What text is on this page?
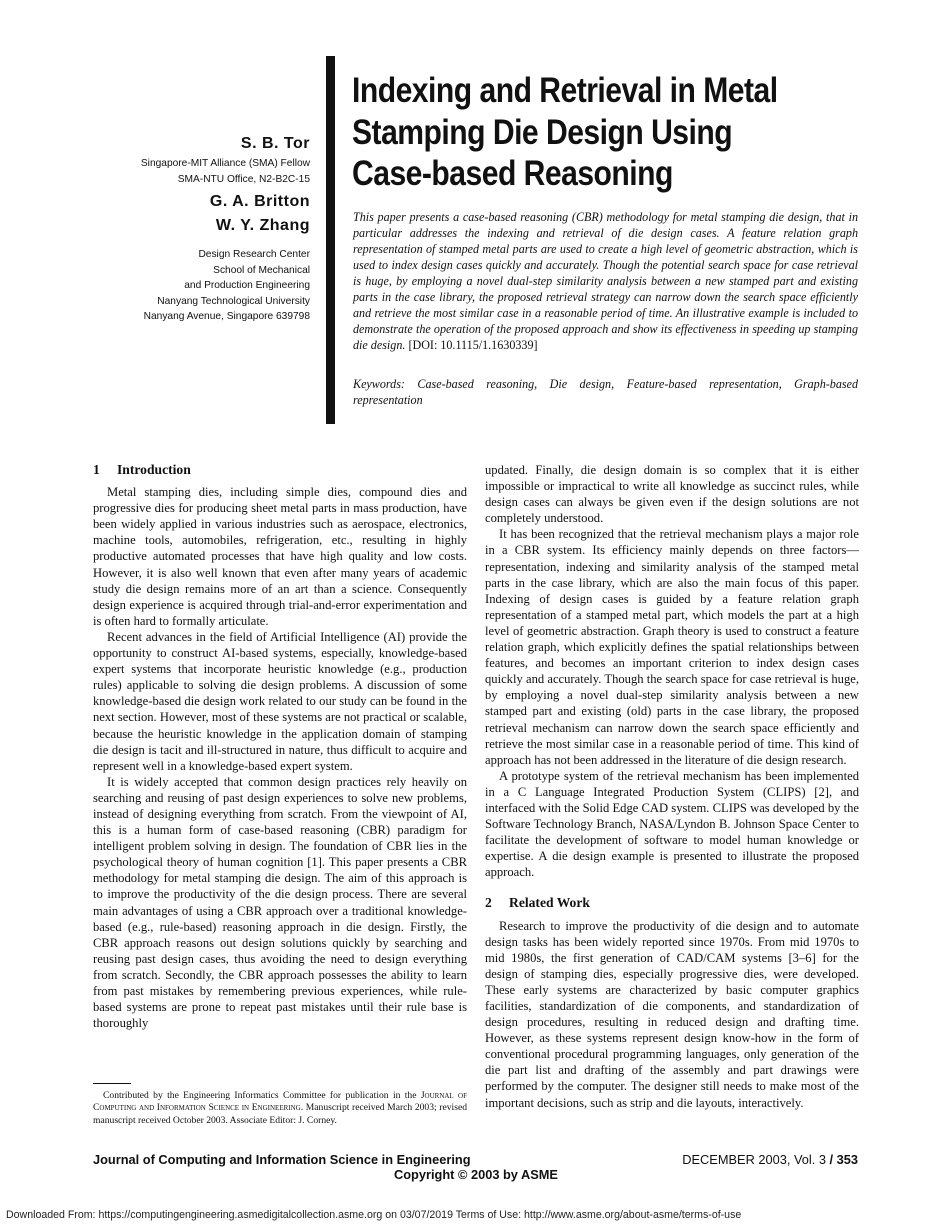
S. B. Tor
Singapore-MIT Alliance (SMA) Fellow
SMA-NTU Office, N2-B2C-15
G. A. Britton
W. Y. Zhang
Design Research Center
School of Mechanical
and Production Engineering
Nanyang Technological University
Nanyang Avenue, Singapore 639798
Indexing and Retrieval in Metal Stamping Die Design Using Case-based Reasoning
This paper presents a case-based reasoning (CBR) methodology for metal stamping die design, that in particular addresses the indexing and retrieval of die design cases. A feature relation graph representation of stamped metal parts are used to create a high level of geometric abstraction, which is used to index design cases quickly and accurately. Though the potential search space for case retrieval is huge, by employing a novel dual-step similarity analysis between a new stamped part and existing parts in the case library, the proposed retrieval strategy can narrow down the search space efficiently and retrieve the most similar case in a reasonable period of time. An illustrative example is included to demonstrate the operation of the proposed approach and show its effectiveness in speeding up stamping die design. [DOI: 10.1115/1.1630339]
Keywords: Case-based reasoning, Die design, Feature-based representation, Graph-based representation
1 Introduction

Metal stamping dies, including simple dies, compound dies and progressive dies for producing sheet metal parts in mass production, have been widely applied in various industries such as aerospace, electronics, machine tools, automobiles, refrigeration, etc., resulting in highly productive automated processes that have high quality and low costs. However, it is also well known that even after many years of academic study die design remains more of an art than a science. Consequently design experience is acquired through trial-and-error experimentation and is often hard to formally articulate.

Recent advances in the field of Artificial Intelligence (AI) provide the opportunity to construct AI-based systems, especially, knowledge-based expert systems that incorporate heuristic knowledge (e.g., production rules) applicable to solving die design problems. A discussion of some knowledge-based die design work related to our study can be found in the next section. However, most of these systems are not practical or scalable, because the heuristic knowledge in the application domain of stamping die design is tacit and ill-structured in nature, thus difficult to acquire and represent well in a knowledge-based expert system.

It is widely accepted that common design practices rely heavily on searching and reusing of past design experiences to solve new problems, instead of designing everything from scratch. From the viewpoint of AI, this is a human form of case-based reasoning (CBR) paradigm for intelligent problem solving in design. The foundation of CBR lies in the psychological theory of human cognition [1]. This paper presents a CBR methodology for metal stamping die design. The aim of this approach is to improve the productivity of the die design process. There are several main advantages of using a CBR approach over a traditional knowledge-based (e.g., rule-based) reasoning approach in die design. Firstly, the CBR approach reasons out design solutions quickly by searching and reusing past design cases, thus avoiding the need to design everything from scratch. Secondly, the CBR approach possesses the ability to learn from past mistakes by remembering previous experiences, while rule-based systems are prone to repeat past mistakes until their rule base is thoroughly

Contributed by the Engineering Informatics Committee for publication in the Journal of Computing and Information Science in Engineering. Manuscript received March 2003; revised manuscript received October 2003. Associate Editor: J. Corney.

updated. Finally, die design domain is so complex that it is either impossible or impractical to write all knowledge as succinct rules, while design cases can always be given even if the design solutions are not completely understood.

It has been recognized that the retrieval mechanism plays a major role in a CBR system. Its efficiency mainly depends on three factors—representation, indexing and similarity analysis of the stamped metal parts in the case library, which are also the main focus of this paper. Indexing of design cases is guided by a feature relation graph representation of a stamped metal part, which models the part at a high level of geometric abstraction. Graph theory is used to construct a feature relation graph, which explicitly defines the spatial relationships between features, and becomes an important criterion to index design cases quickly and accurately. Though the search space for case retrieval is huge, by employing a novel dual-step similarity analysis between a new stamped part and existing (old) parts in the case library, the proposed retrieval mechanism can narrow down the search space efficiently and retrieve the most similar case in a reasonable period of time. This kind of approach has not been addressed in the literature of die design research.

A prototype system of the retrieval mechanism has been implemented in a C Language Integrated Production System (CLIPS) [2], and interfaced with the Solid Edge CAD system. CLIPS was developed by the Software Technology Branch, NASA/Lyndon B. Johnson Space Center to facilitate the development of software to model human knowledge or expertise. A die design example is presented to illustrate the proposed approach.

2 Related Work

Research to improve the productivity of die design and to automate design tasks has been widely reported since 1970s. From mid 1970s to mid 1980s, the first generation of CAD/CAM systems [3–6] for the design of stamping dies, especially progressive dies, were developed. These early systems are characterized by basic computer graphics facilities, standardization of die components, and standardization of design procedures, resulting in reduced design and drafting time. However, as these systems represent design know-how in the form of conventional procedural programming languages, only generation of the die part list and drafting of the assembly and part drawings were performed by the computer. The designer still needs to make most of the important decisions, such as strip and die layouts, interactively.

Journal of Computing and Information Science in Engineering	DECEMBER 2003, Vol. 3 / 353
Copyright © 2003 by ASME
Downloaded From: https://computingengineering.asmedigitalcollection.asme.org on 03/07/2019 Terms of Use: http://www.asme.org/about-asme/terms-of-use
